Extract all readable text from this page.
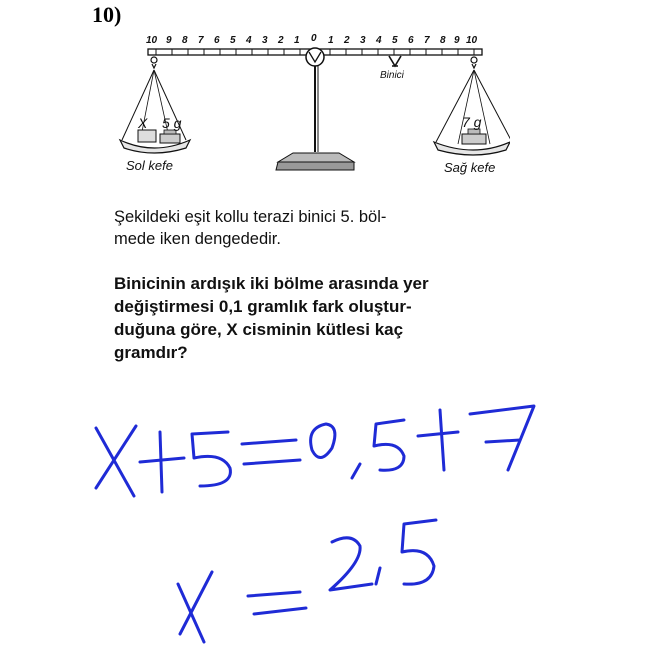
10)
10 9 8 7 6 5 4 3 2 1 0 1 2 3 4 5 6 7 8 9 10
Binici
X 5 g
Sol kefe
7 g
Sağ kefe

Şekildeki eşit kollu terazi binici 5. böl-
mede iken dengededir.

Binicinin ardışık iki bölme arasında yer
değiştirmesi 0,1 gramlık fark oluştur-
duğuna göre, X cisminin kütlesi kaç
gramdır?
